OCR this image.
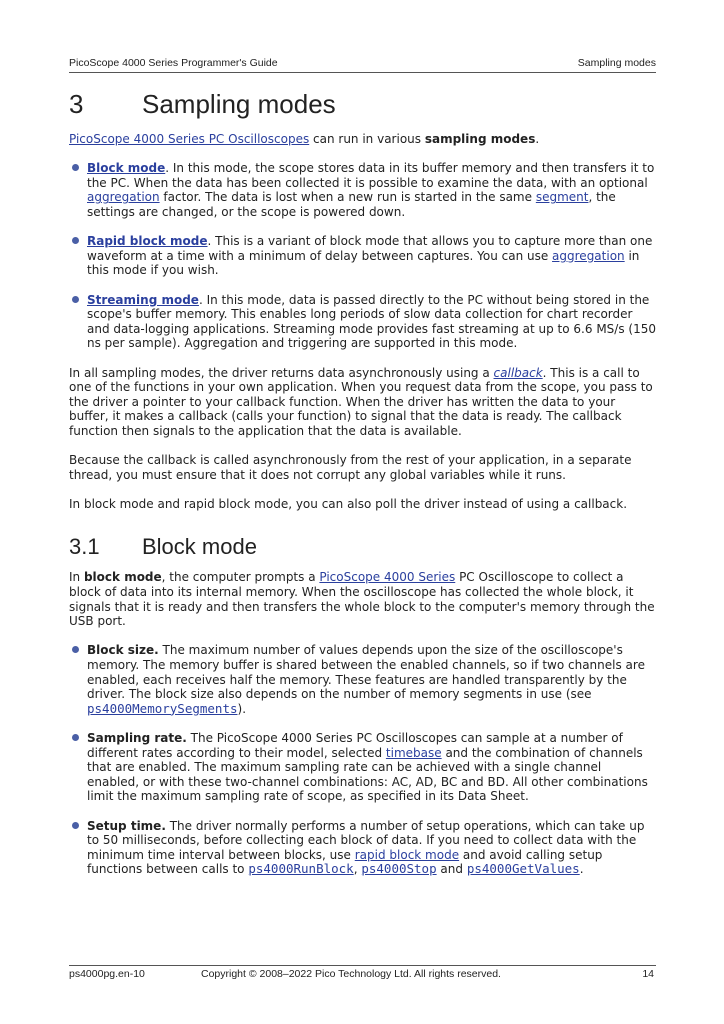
PicoScope 4000 Series Programmer's Guide	Sampling modes
3 Sampling modes

PicoScope 4000 Series PC Oscilloscopes can run in various sampling modes.

Block mode. In this mode, the scope stores data in its buffer memory and then transfers it to the PC. When the data has been collected it is possible to examine the data, with an optional aggregation factor. The data is lost when a new run is started in the same segment, the settings are changed, or the scope is powered down.
Rapid block mode. This is a variant of block mode that allows you to capture more than one waveform at a time with a minimum of delay between captures. You can use aggregation in this mode if you wish.
Streaming mode. In this mode, data is passed directly to the PC without being stored in the scope's buffer memory. This enables long periods of slow data collection for chart recorder and data-logging applications. Streaming mode provides fast streaming at up to 6.6 MS/s (150 ns per sample). Aggregation and triggering are supported in this mode.

In all sampling modes, the driver returns data asynchronously using a callback. This is a call to one of the functions in your own application. When you request data from the scope, you pass to the driver a pointer to your callback function. When the driver has written the data to your buffer, it makes a callback (calls your function) to signal that the data is ready. The callback function then signals to the application that the data is available.

Because the callback is called asynchronously from the rest of your application, in a separate thread, you must ensure that it does not corrupt any global variables while it runs.

In block mode and rapid block mode, you can also poll the driver instead of using a callback.

3.1 Block mode

In block mode, the computer prompts a PicoScope 4000 Series PC Oscilloscope to collect a block of data into its internal memory. When the oscilloscope has collected the whole block, it signals that it is ready and then transfers the whole block to the computer's memory through the USB port.

Block size. The maximum number of values depends upon the size of the oscilloscope's memory. The memory buffer is shared between the enabled channels, so if two channels are enabled, each receives half the memory. These features are handled transparently by the driver. The block size also depends on the number of memory segments in use (see ps4000MemorySegments).
Sampling rate. The PicoScope 4000 Series PC Oscilloscopes can sample at a number of different rates according to their model, selected timebase and the combination of channels that are enabled. The maximum sampling rate can be achieved with a single channel enabled, or with these two-channel combinations: AC, AD, BC and BD. All other combinations limit the maximum sampling rate of scope, as specified in its Data Sheet.
Setup time. The driver normally performs a number of setup operations, which can take up to 50 milliseconds, before collecting each block of data. If you need to collect data with the minimum time interval between blocks, use rapid block mode and avoid calling setup functions between calls to ps4000RunBlock, ps4000Stop and ps4000GetValues.
ps4000pg.en-10	Copyright © 2008–2022 Pico Technology Ltd. All rights reserved.	14
